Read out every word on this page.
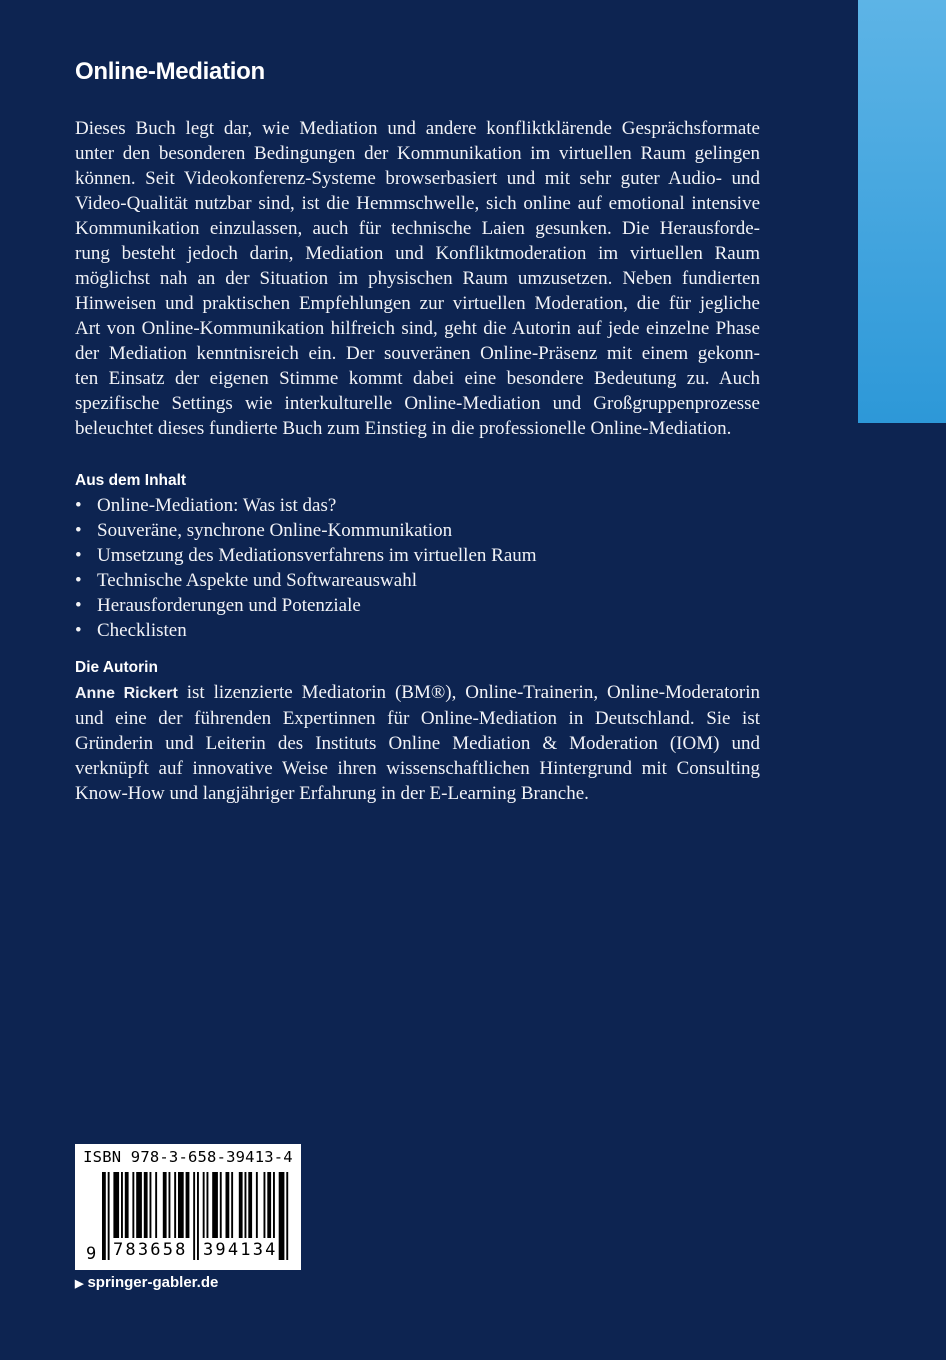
Online-Mediation

Dieses Buch legt dar, wie Mediation und andere konfliktklärende Gesprächsformate
unter den besonderen Bedingungen der Kommunikation im virtuellen Raum gelingen
können. Seit Videokonferenz-Systeme browserbasiert und mit sehr guter Audio- und
Video-Qualität nutzbar sind, ist die Hemmschwelle, sich online auf emotional intensive
Kommunikation einzulassen, auch für technische Laien gesunken. Die Herausforde-
rung besteht jedoch darin, Mediation und Konfliktmoderation im virtuellen Raum
möglichst nah an der Situation im physischen Raum umzusetzen. Neben fundierten
Hinweisen und praktischen Empfehlungen zur virtuellen Moderation, die für jegliche
Art von Online-Kommunikation hilfreich sind, geht die Autorin auf jede einzelne Phase
der Mediation kenntnisreich ein. Der souveränen Online-Präsenz mit einem gekonn-
ten Einsatz der eigenen Stimme kommt dabei eine besondere Bedeutung zu. Auch
spezifische Settings wie interkulturelle Online-Mediation und Großgruppenprozesse
beleuchtet dieses fundierte Buch zum Einstieg in die professionelle Online-Mediation.

Aus dem Inhalt
• Online-Mediation: Was ist das?
• Souveräne, synchrone Online-Kommunikation
• Umsetzung des Mediationsverfahrens im virtuellen Raum
• Technische Aspekte und Softwareauswahl
• Herausforderungen und Potenziale
• Checklisten
Die Autorin

Anne Rickert ist lizenzierte Mediatorin (BM®), Online-Trainerin, Online-Moderatorin
und eine der führenden Expertinnen für Online-Mediation in Deutschland. Sie ist
Gründerin und Leiterin des Instituts Online Mediation & Moderation (IOM) und
verknüpft auf innovative Weise ihren wissenschaftlichen Hintergrund mit Consulting
Know-How und langjähriger Erfahrung in der E-Learning Branche.

ISBN 978-3-658-39413-4
9 783658 394134
▶ springer-gabler.de
